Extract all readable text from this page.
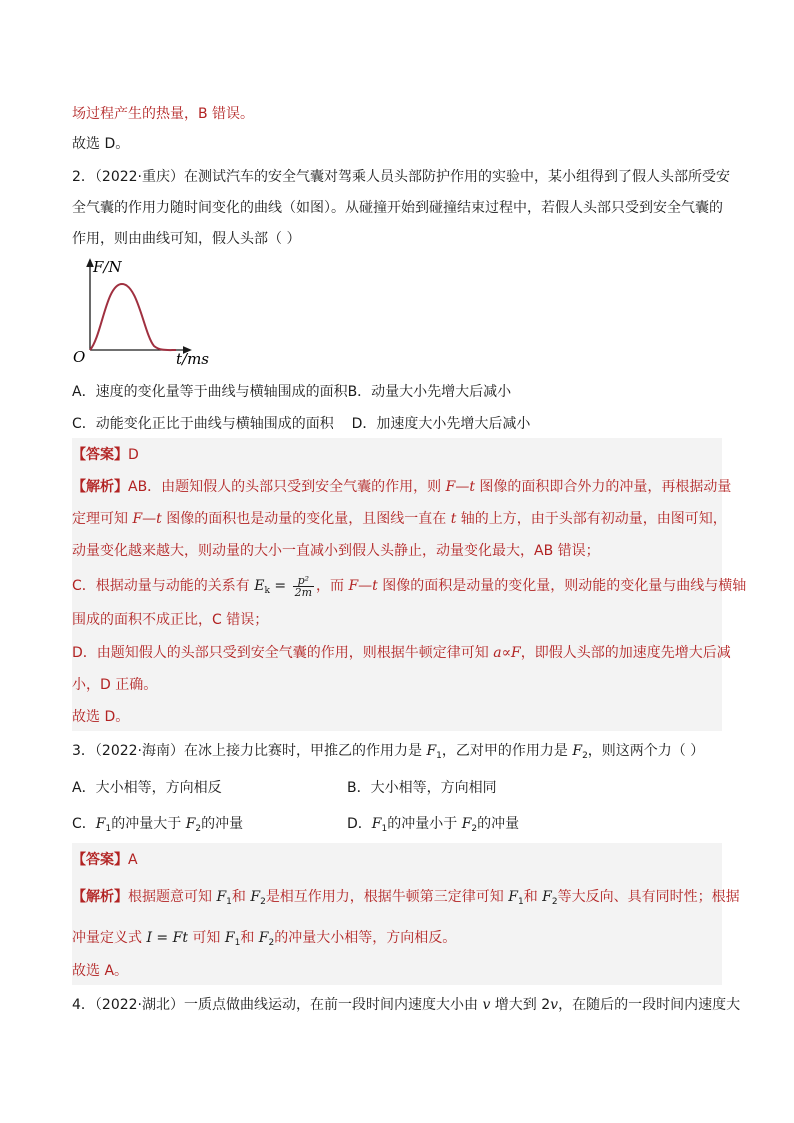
场过程产生的热量，B 错误。
故选 D。
2．（2022·重庆）在测试汽车的安全气囊对驾乘人员头部防护作用的实验中，某小组得到了假人头部所受安
全气囊的作用力随时间变化的曲线（如图）。从碰撞开始到碰撞结束过程中，若假人头部只受到安全气囊的
作用，则由曲线可知，假人头部（ ）
F/N
t/ms
O
A．速度的变化量等于曲线与横轴围成的面积B．动量大小先增大后减小
C．动能变化正比于曲线与横轴围成的面积 D．加速度大小先增大后减小
【答案】D
【解析】AB．由题知假人的头部只受到安全气囊的作用，则 F—t 图像的面积即合外力的冲量，再根据动量
定理可知 F—t 图像的面积也是动量的变化量，且图线一直在 t 轴的上方，由于头部有初动量，由图可知，
动量变化越来越大，则动量的大小一直减小到假人头静止，动量变化最大，AB 错误；
C．根据动量与动能的关系有 $E_k = \frac{\text{p²}}{2m}$ ，而 F—t 图像的面积是动量的变化量，则动能的变化量与曲线与横轴
围成的面积不成正比，C 错误；
D．由题知假人的头部只受到安全气囊的作用，则根据牛顿定律可知 a∝F，即假人头部的加速度先增大后减
小，D 正确。
故选 D。
3．（2022·海南）在冰上接力比赛时，甲推乙的作用力是 $F_1$，乙对甲的作用力是 $F_2$，则这两个力（ ）
A．大小相等，方向相反	B．大小相等，方向相同
C．$F_1$的冲量大于 $F_2$的冲量	D．$F_1$的冲量小于 $F_2$的冲量
【答案】A
【解析】根据题意可知 $F_1$和 $F_2$是相互作用力，根据牛顿第三定律可知 $F_1$和 $F_2$等大反向、具有同时性；根据
冲量定义式 I = Ft 可知 $F_1$和 $F_2$的冲量大小相等，方向相反。
故选 A。
4．（2022·湖北）一质点做曲线运动，在前一段时间内速度大小由 v 增大到 2v，在随后的一段时间内速度大
